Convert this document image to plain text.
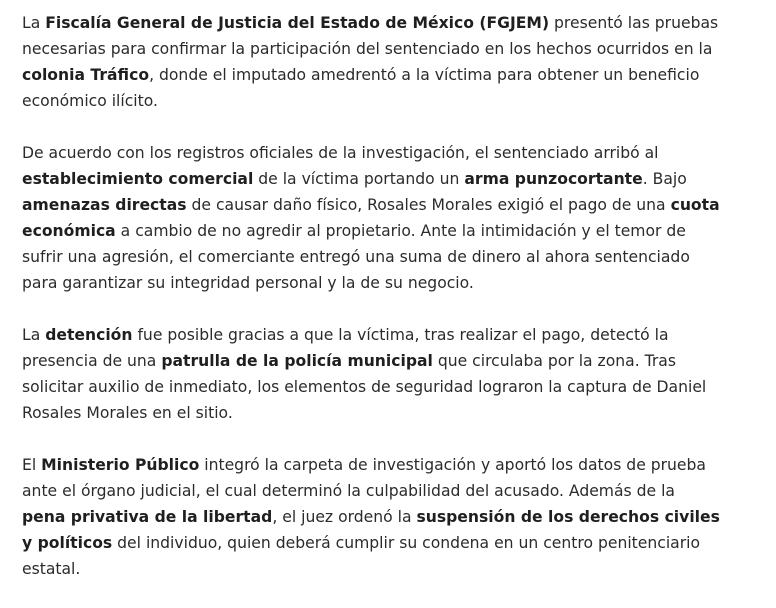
La Fiscalía General de Justicia del Estado de México (FGJEM) presentó las pruebas necesarias para confirmar la participación del sentenciado en los hechos ocurridos en la colonia Tráfico, donde el imputado amedrentó a la víctima para obtener un beneficio económico ilícito.

De acuerdo con los registros oficiales de la investigación, el sentenciado arribó al establecimiento comercial de la víctima portando un arma punzocortante. Bajo amenazas directas de causar daño físico, Rosales Morales exigió el pago de una cuota económica a cambio de no agredir al propietario. Ante la intimidación y el temor de sufrir una agresión, el comerciante entregó una suma de dinero al ahora sentenciado para garantizar su integridad personal y la de su negocio.

La detención fue posible gracias a que la víctima, tras realizar el pago, detectó la presencia de una patrulla de la policía municipal que circulaba por la zona. Tras solicitar auxilio de inmediato, los elementos de seguridad lograron la captura de Daniel Rosales Morales en el sitio.

El Ministerio Público integró la carpeta de investigación y aportó los datos de prueba ante el órgano judicial, el cual determinó la culpabilidad del acusado. Además de la pena privativa de la libertad, el juez ordenó la suspensión de los derechos civiles y políticos del individuo, quien deberá cumplir su condena en un centro penitenciario estatal.
